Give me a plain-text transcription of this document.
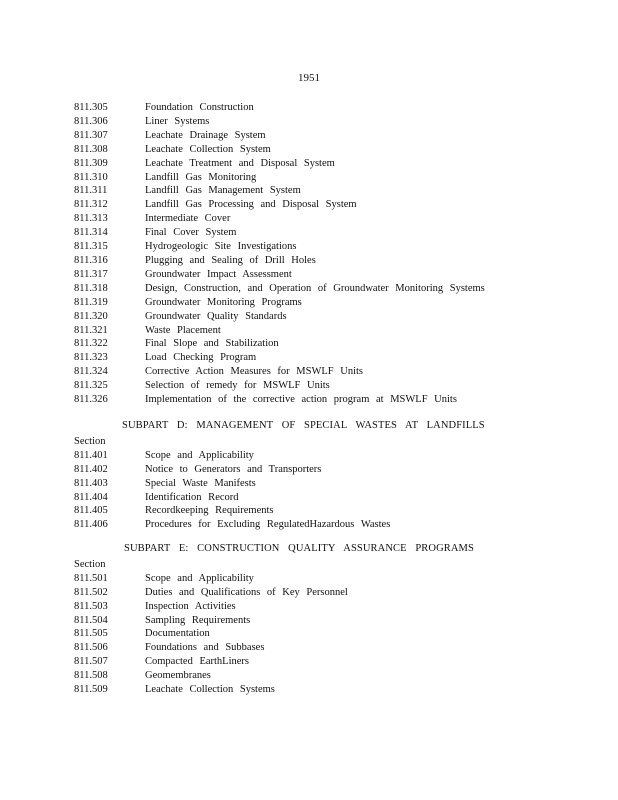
1951
811.305	Foundation Construction
811.306	Liner Systems
811.307	Leachate Drainage System
811.308	Leachate Collection System
811.309	Leachate Treatment and Disposal System
811.310	Landfill Gas Monitoring
811.311	Landfill Gas Management System
811.312	Landfill Gas Processing and Disposal System
811.313	Intermediate Cover
811.314	Final Cover System
811.315	Hydrogeologic Site Investigations
811.316	Plugging and Sealing of Drill Holes
811.317	Groundwater Impact Assessment
811.318	Design, Construction, and Operation of Groundwater Monitoring Systems
811.319	Groundwater Monitoring Programs
811.320	Groundwater Quality Standards
811.321	Waste Placement
811.322	Final Slope and Stabilization
811.323	Load Checking Program
811.324	Corrective Action Measures for MSWLF Units
811.325	Selection of remedy for MSWLF Units
811.326	Implementation of the corrective action program at MSWLF Units
SUBPART D: MANAGEMENT OF SPECIAL WASTES AT LANDFILLS
Section
811.401	Scope and Applicability
811.402	Notice to Generators and Transporters
811.403	Special Waste Manifests
811.404	Identification Record
811.405	Recordkeeping Requirements
811.406	Procedures for Excluding RegulatedHazardous Wastes
SUBPART E: CONSTRUCTION QUALITY ASSURANCE PROGRAMS
Section
811.501	Scope and Applicability
811.502	Duties and Qualifications of Key Personnel
811.503	Inspection Activities
811.504	Sampling Requirements
811.505	Documentation
811.506	Foundations and Subbases
811.507	Compacted EarthLiners
811.508	Geomembranes
811.509	Leachate Collection Systems
